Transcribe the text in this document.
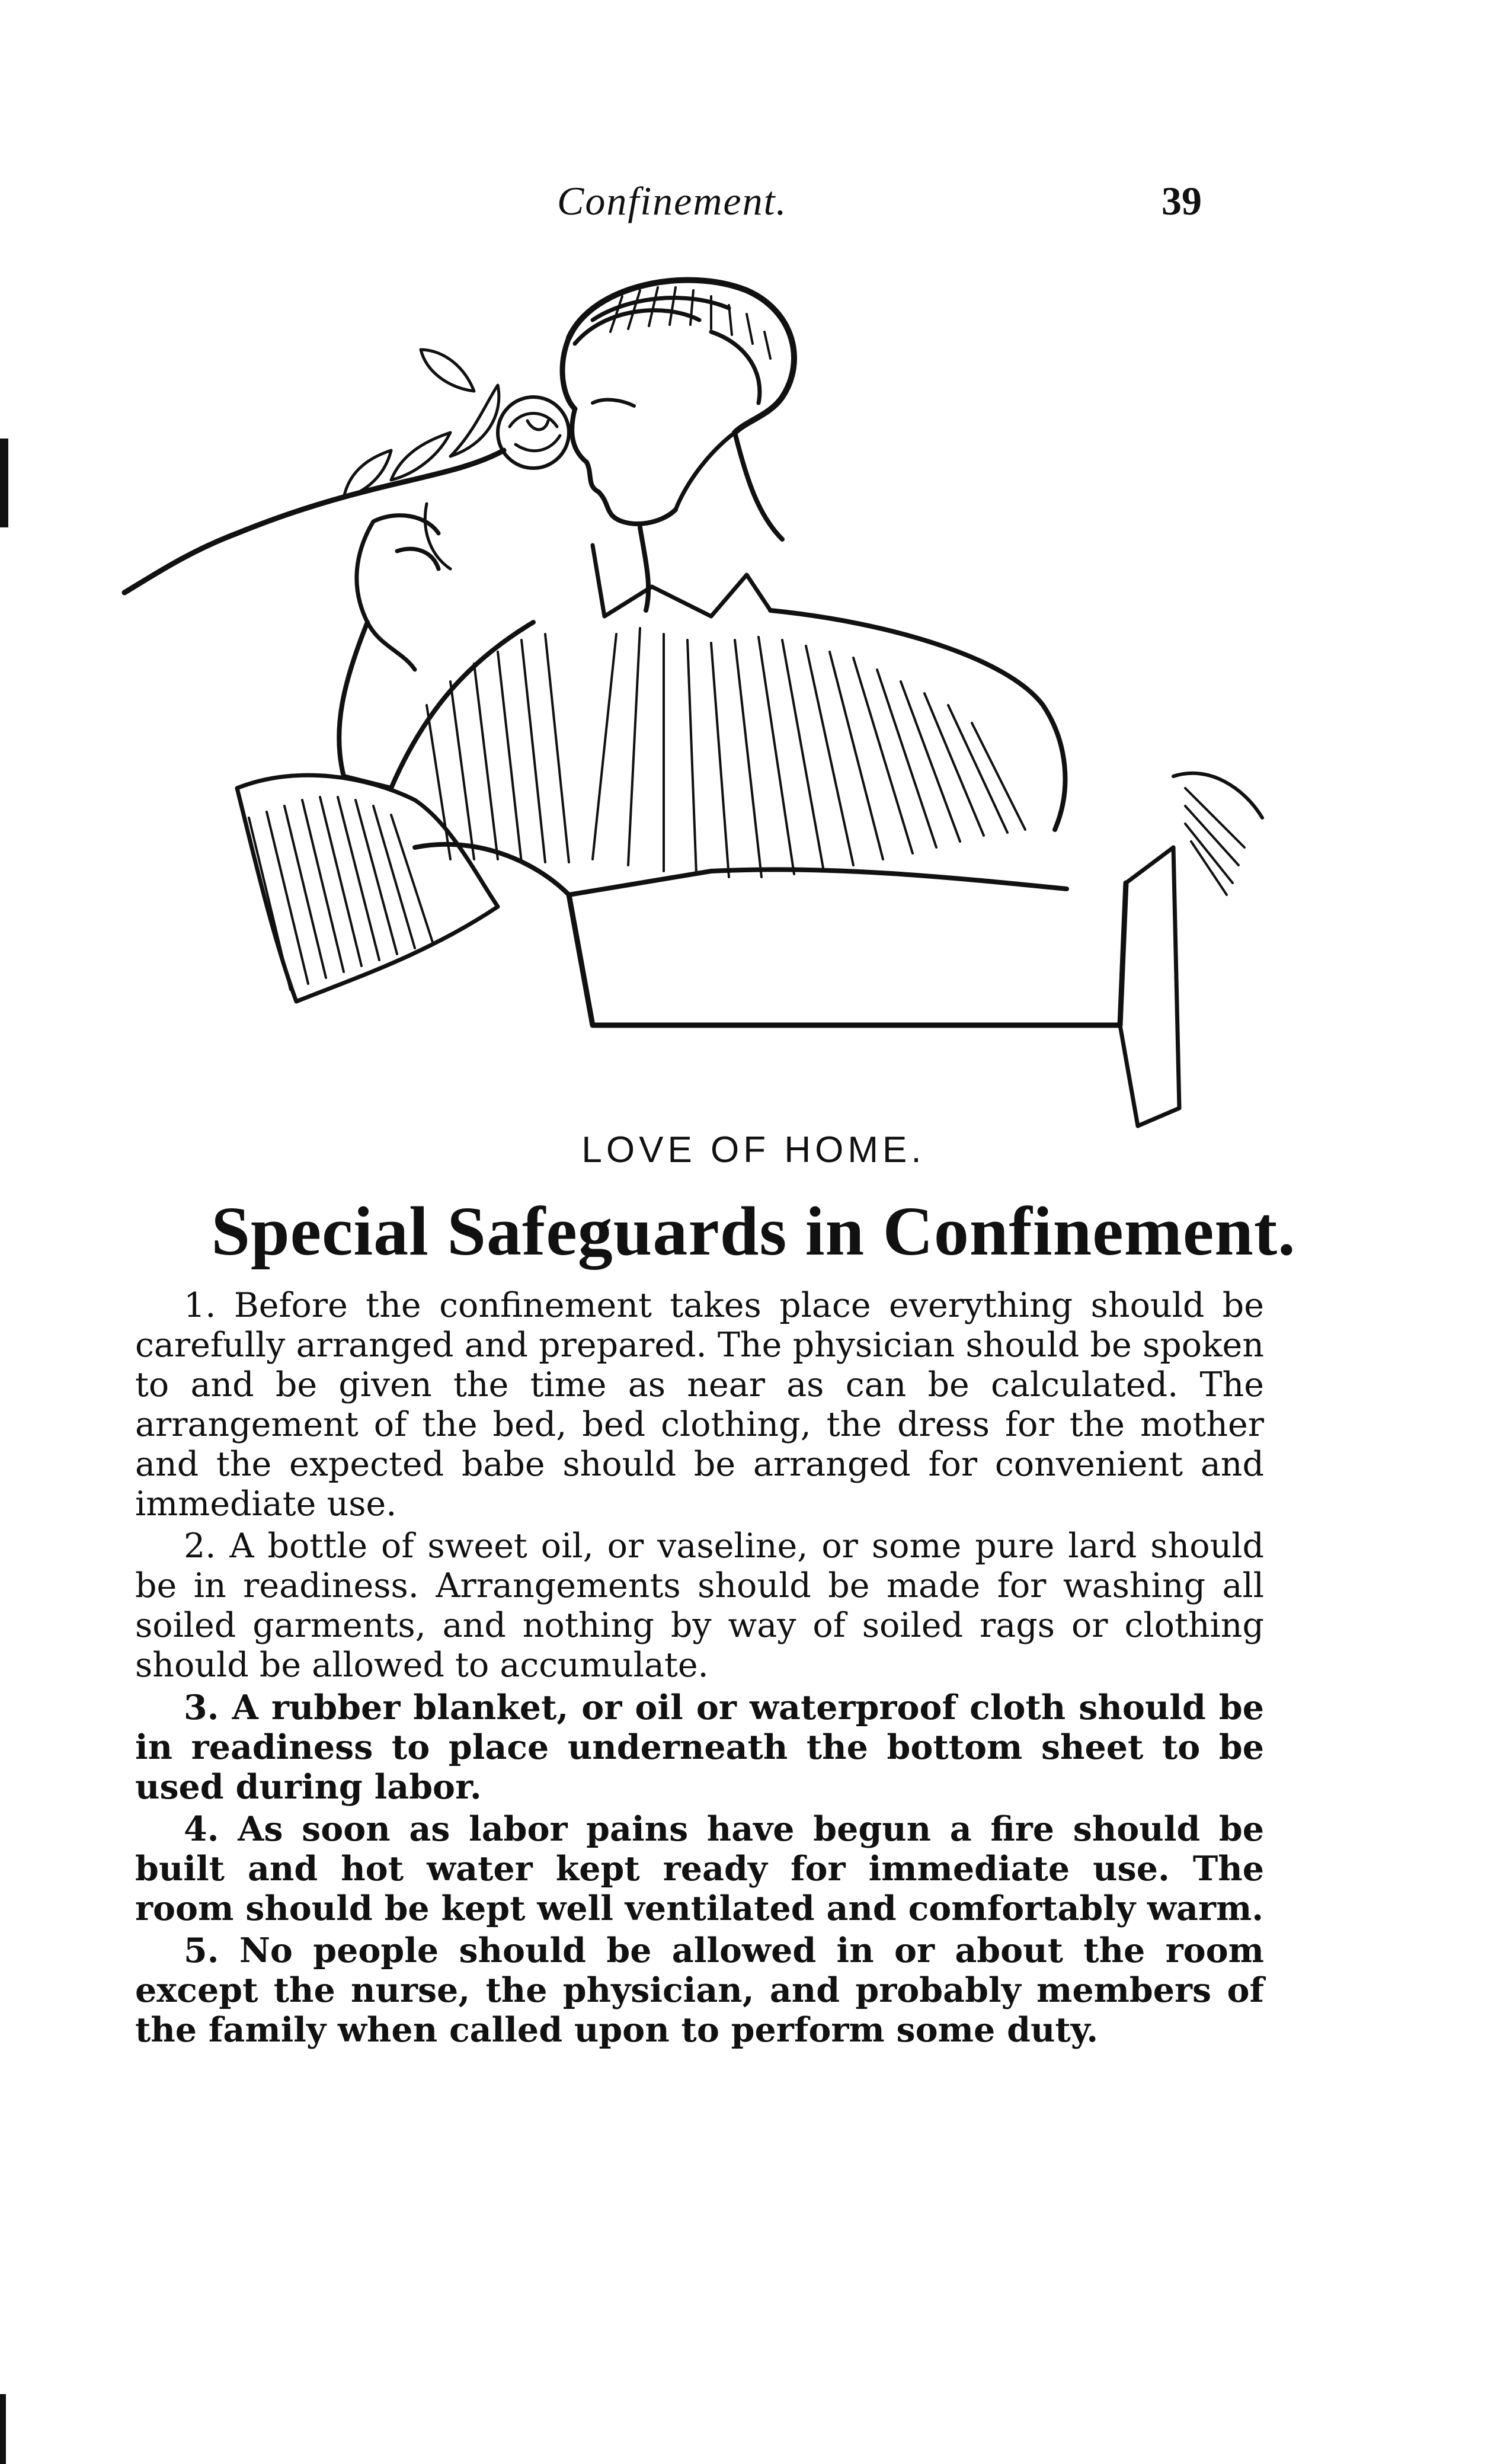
Confinement.	39
LOVE OF HOME.
Special Safeguards in Confinement.

1. Before the confinement takes place everything should be carefully arranged and prepared. The physician should be spoken to and be given the time as near as can be calculated. The arrangement of the bed, bed clothing, the dress for the mother and the expected babe should be arranged for convenient and immediate use.

2. A bottle of sweet oil, or vaseline, or some pure lard should be in readiness. Arrangements should be made for washing all soiled garments, and nothing by way of soiled rags or clothing should be allowed to accumulate.

3. A rubber blanket, or oil or waterproof cloth should be in readiness to place underneath the bottom sheet to be used during labor.

4. As soon as labor pains have begun a fire should be built and hot water kept ready for immediate use. The room should be kept well ventilated and comfortably warm.

5. No people should be allowed in or about the room except the nurse, the physician, and probably members of the family when called upon to perform some duty.
